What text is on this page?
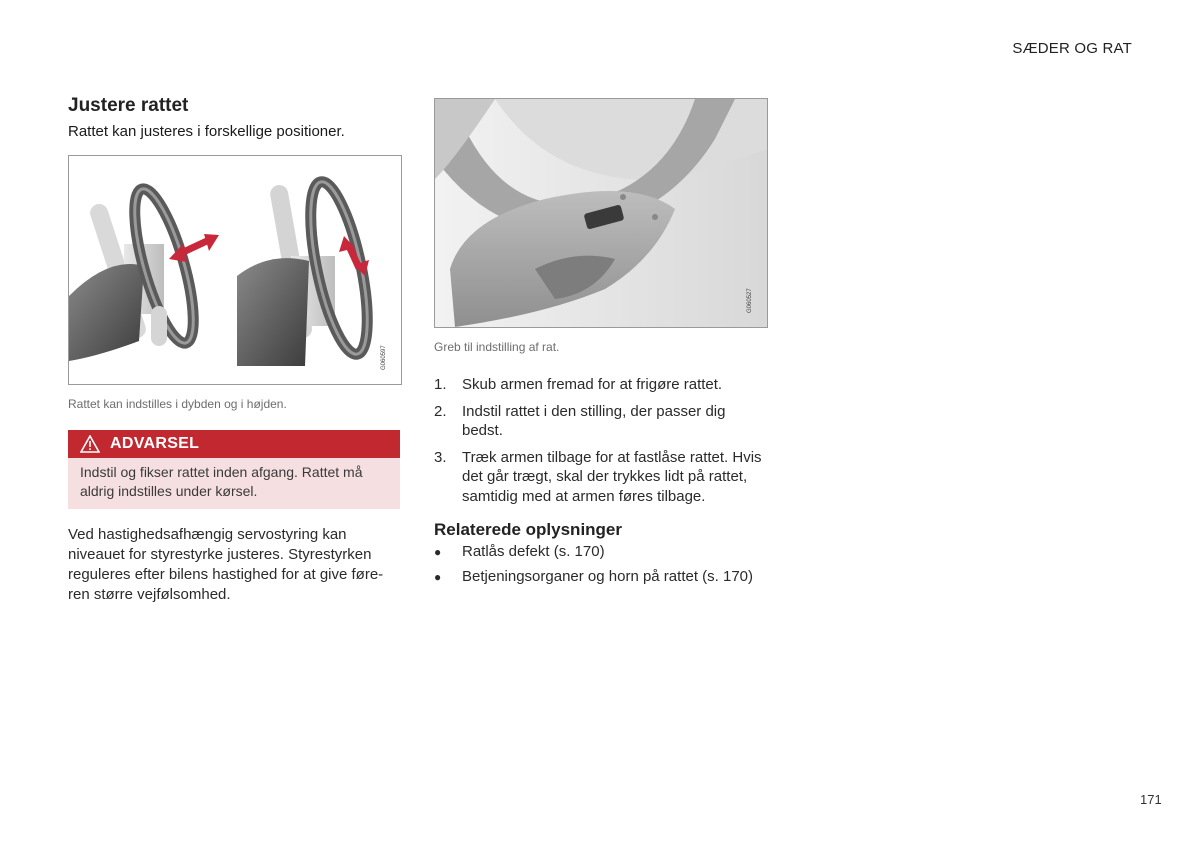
SÆDER OG RAT
Justere rattet

Rattet kan justeres i forskellige positioner.

G060597
Rattet kan indstilles i dybden og i højden.
ADVARSEL
Indstil og fikser rattet inden afgang. Rattet må aldrig indstilles under kørsel.

Ved hastighedsafhængig servostyring kan niveauet for styrestyrke justeres. Styrestyrken reguleres efter bilens hastighed for at give føre-ren større vejfølsomhed.

G060527
Greb til indstilling af rat.
1.	Skub armen fremad for at frigøre rattet.
2.	Indstil rattet i den stilling, der passer dig bedst.
3.	Træk armen tilbage for at fastlåse rattet. Hvis det går trægt, skal der trykkes lidt på rattet, samtidig med at armen føres tilbage.
Relaterede oplysninger
●	Ratlås defekt (s. 170)
●	Betjeningsorganer og horn på rattet (s. 170)
171
